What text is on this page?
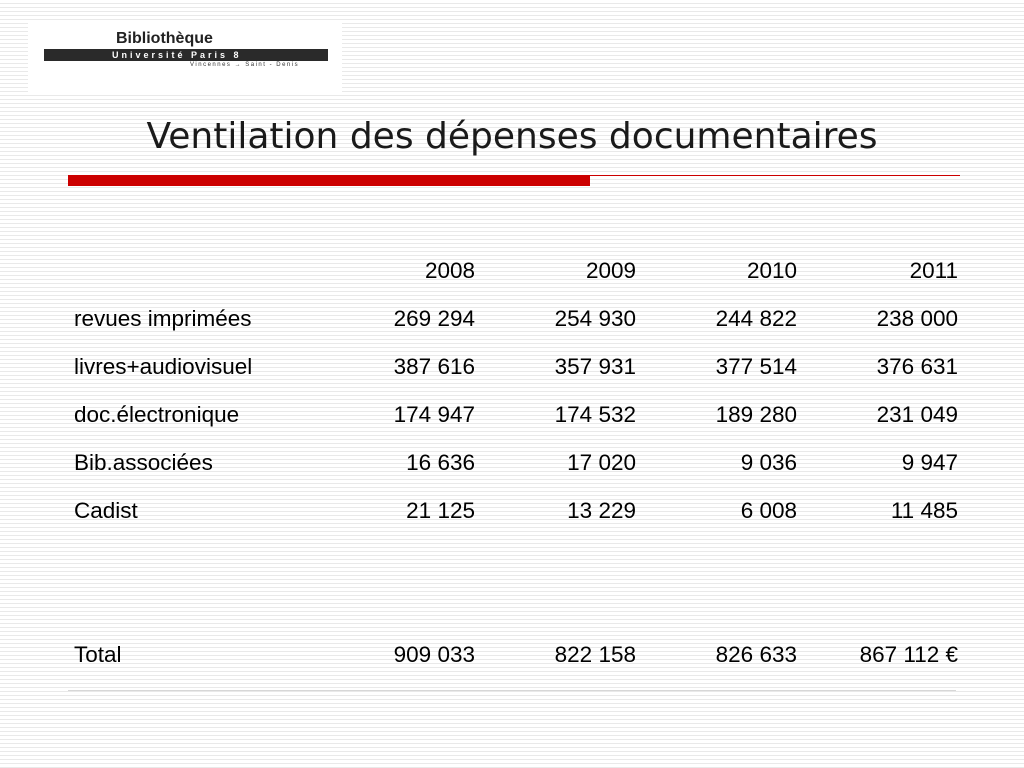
Bibliothèque
Université Paris 8
Vincennes → Saint - Denis
Ventilation des dépenses documentaires
	2008	2009	2010	2011
revues imprimées	269 294	254 930	244 822	238 000
livres+audiovisuel	387 616	357 931	377 514	376 631
doc.électronique	174 947	174 532	189 280	231 049
Bib.associées	16 636	17 020	9 036	9 947
Cadist	21 125	13 229	6 008	11 485

Total	909 033	822 158	826 633	867 112 €
